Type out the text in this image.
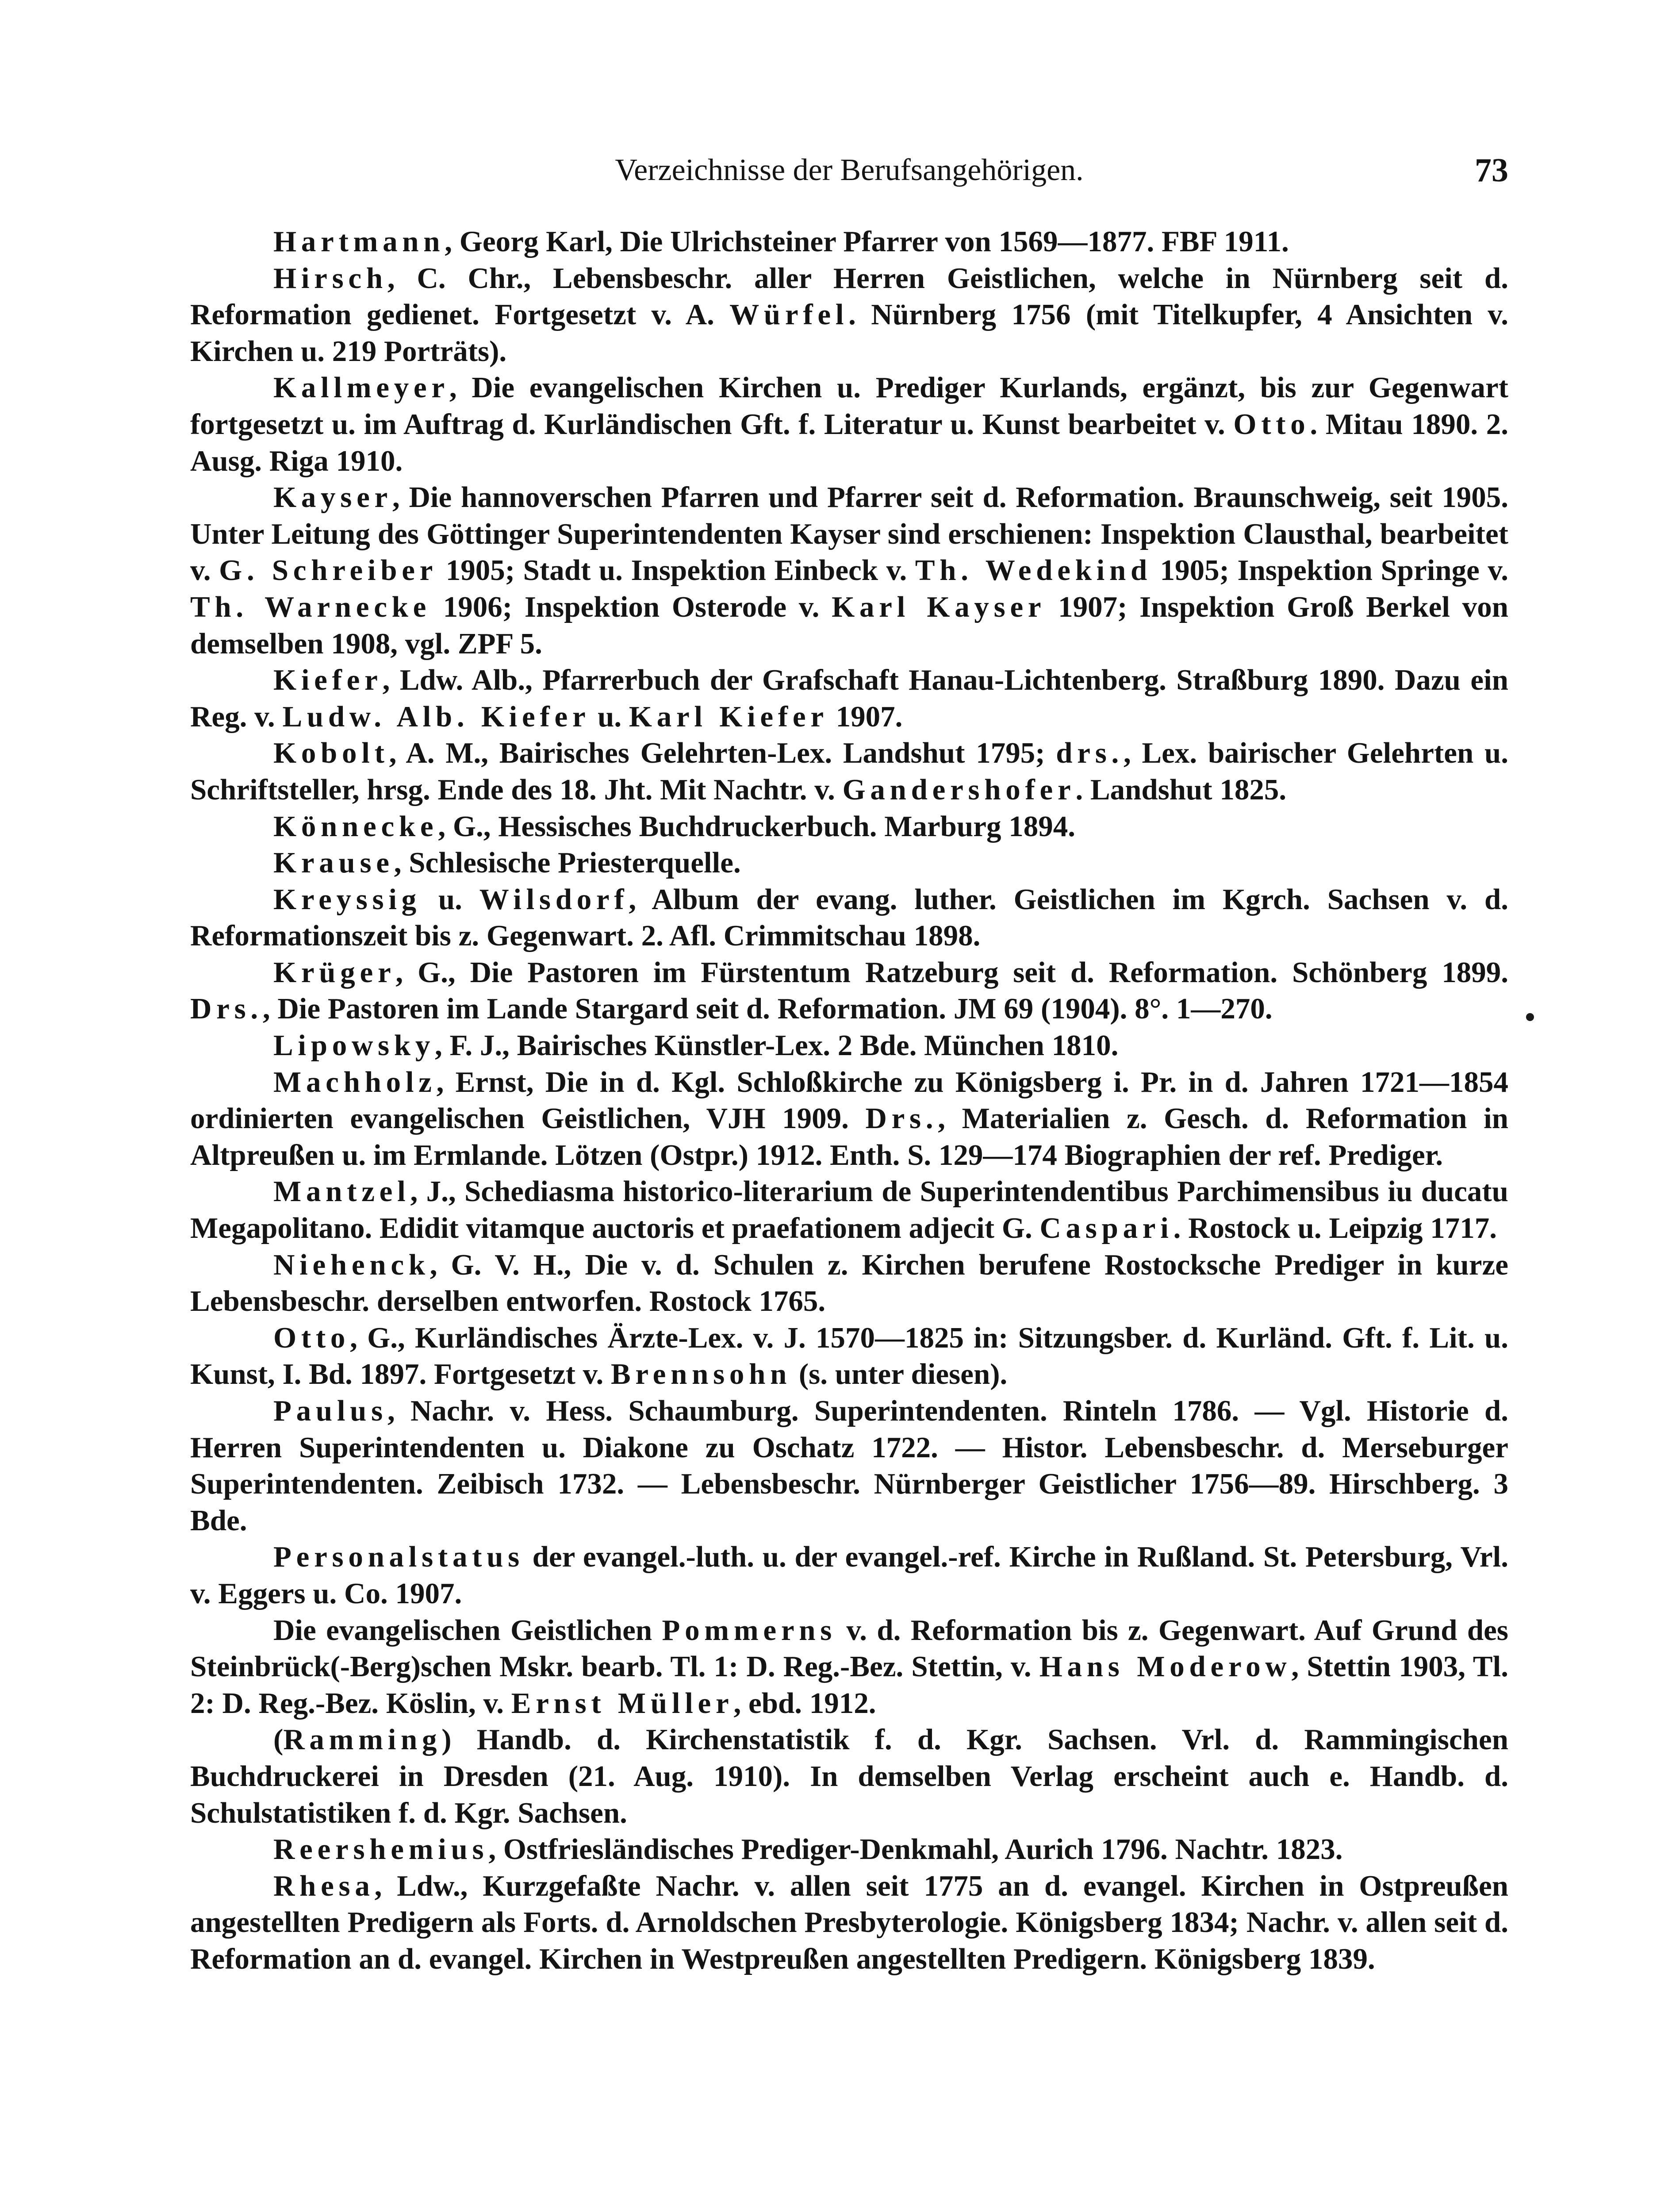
Verzeichnisse der Berufsangehörigen.	73

Hartmann, Georg Karl, Die Ulrichsteiner Pfarrer von 1569—1877. FBF 1911.

Hirsch, C. Chr., Lebensbeschr. aller Herren Geistlichen, welche in Nürnberg seit d. Reformation gedienet. Fortgesetzt v. A. Würfel. Nürnberg 1756 (mit Titelkupfer, 4 Ansichten v. Kirchen u. 219 Porträts).

Kallmeyer, Die evangelischen Kirchen u. Prediger Kurlands, ergänzt, bis zur Gegenwart fortgesetzt u. im Auftrag d. Kurländischen Gft. f. Literatur u. Kunst bearbeitet v. Otto. Mitau 1890. 2. Ausg. Riga 1910.

Kayser, Die hannoverschen Pfarren und Pfarrer seit d. Reformation. Braunschweig, seit 1905. Unter Leitung des Göttinger Superintendenten Kayser sind erschienen: Inspektion Clausthal, bearbeitet v. G. Schreiber 1905; Stadt u. Inspektion Einbeck v. Th. Wedekind 1905; Inspektion Springe v. Th. Warnecke 1906; Inspektion Osterode v. Karl Kayser 1907; Inspektion Groß Berkel von demselben 1908, vgl. ZPF 5.

Kiefer, Ldw. Alb., Pfarrerbuch der Grafschaft Hanau-Lichtenberg. Straßburg 1890. Dazu ein Reg. v. Ludw. Alb. Kiefer u. Karl Kiefer 1907.

Kobolt, A. M., Bairisches Gelehrten-Lex. Landshut 1795; drs., Lex. bairischer Gelehrten u. Schriftsteller, hrsg. Ende des 18. Jht. Mit Nachtr. v. Gandershofer. Landshut 1825.

Könnecke, G., Hessisches Buchdruckerbuch. Marburg 1894.

Krause, Schlesische Priesterquelle.

Kreyssig u. Wilsdorf, Album der evang. luther. Geistlichen im Kgrch. Sachsen v. d. Reformationszeit bis z. Gegenwart. 2. Afl. Crimmitschau 1898.

Krüger, G., Die Pastoren im Fürstentum Ratzeburg seit d. Reformation. Schönberg 1899. Drs., Die Pastoren im Lande Stargard seit d. Reformation. JM 69 (1904). 8°. 1—270.

Lipowsky, F. J., Bairisches Künstler-Lex. 2 Bde. München 1810.

Machholz, Ernst, Die in d. Kgl. Schloßkirche zu Königsberg i. Pr. in d. Jahren 1721—1854 ordinierten evangelischen Geistlichen, VJH 1909. Drs., Materialien z. Gesch. d. Reformation in Altpreußen u. im Ermlande. Lötzen (Ostpr.) 1912. Enth. S. 129—174 Biographien der ref. Prediger.

Mantzel, J., Schediasma historico-literarium de Superintendentibus Parchimensibus iu ducatu Megapolitano. Edidit vitamque auctoris et praefationem adjecit G. Caspari. Rostock u. Leipzig 1717.

Niehenck, G. V. H., Die v. d. Schulen z. Kirchen berufene Rostocksche Prediger in kurze Lebensbeschr. derselben entworfen. Rostock 1765.

Otto, G., Kurländisches Ärzte-Lex. v. J. 1570—1825 in: Sitzungsber. d. Kurländ. Gft. f. Lit. u. Kunst, I. Bd. 1897. Fortgesetzt v. Brennsohn (s. unter diesen).

Paulus, Nachr. v. Hess. Schaumburg. Superintendenten. Rinteln 1786. — Vgl. Historie d. Herren Superintendenten u. Diakone zu Oschatz 1722. — Histor. Lebensbeschr. d. Merseburger Superintendenten. Zeibisch 1732. — Lebensbeschr. Nürnberger Geistlicher 1756—89. Hirschberg. 3 Bde.

Personalstatus der evangel.-luth. u. der evangel.-ref. Kirche in Rußland. St. Petersburg, Vrl. v. Eggers u. Co. 1907.

Die evangelischen Geistlichen Pommerns v. d. Reformation bis z. Gegenwart. Auf Grund des Steinbrück(-Berg)schen Mskr. bearb. Tl. 1: D. Reg.-Bez. Stettin, v. Hans Moderow, Stettin 1903, Tl. 2: D. Reg.-Bez. Köslin, v. Ernst Müller, ebd. 1912.

(Ramming) Handb. d. Kirchenstatistik f. d. Kgr. Sachsen. Vrl. d. Rammingischen Buchdruckerei in Dresden (21. Aug. 1910). In demselben Verlag erscheint auch e. Handb. d. Schulstatistiken f. d. Kgr. Sachsen.

Reershemius, Ostfriesländisches Prediger-Denkmahl, Aurich 1796. Nachtr. 1823.

Rhesa, Ldw., Kurzgefaßte Nachr. v. allen seit 1775 an d. evangel. Kirchen in Ostpreußen angestellten Predigern als Forts. d. Arnoldschen Presbyterologie. Königsberg 1834; Nachr. v. allen seit d. Reformation an d. evangel. Kirchen in Westpreußen angestellten Predigern. Königsberg 1839.
